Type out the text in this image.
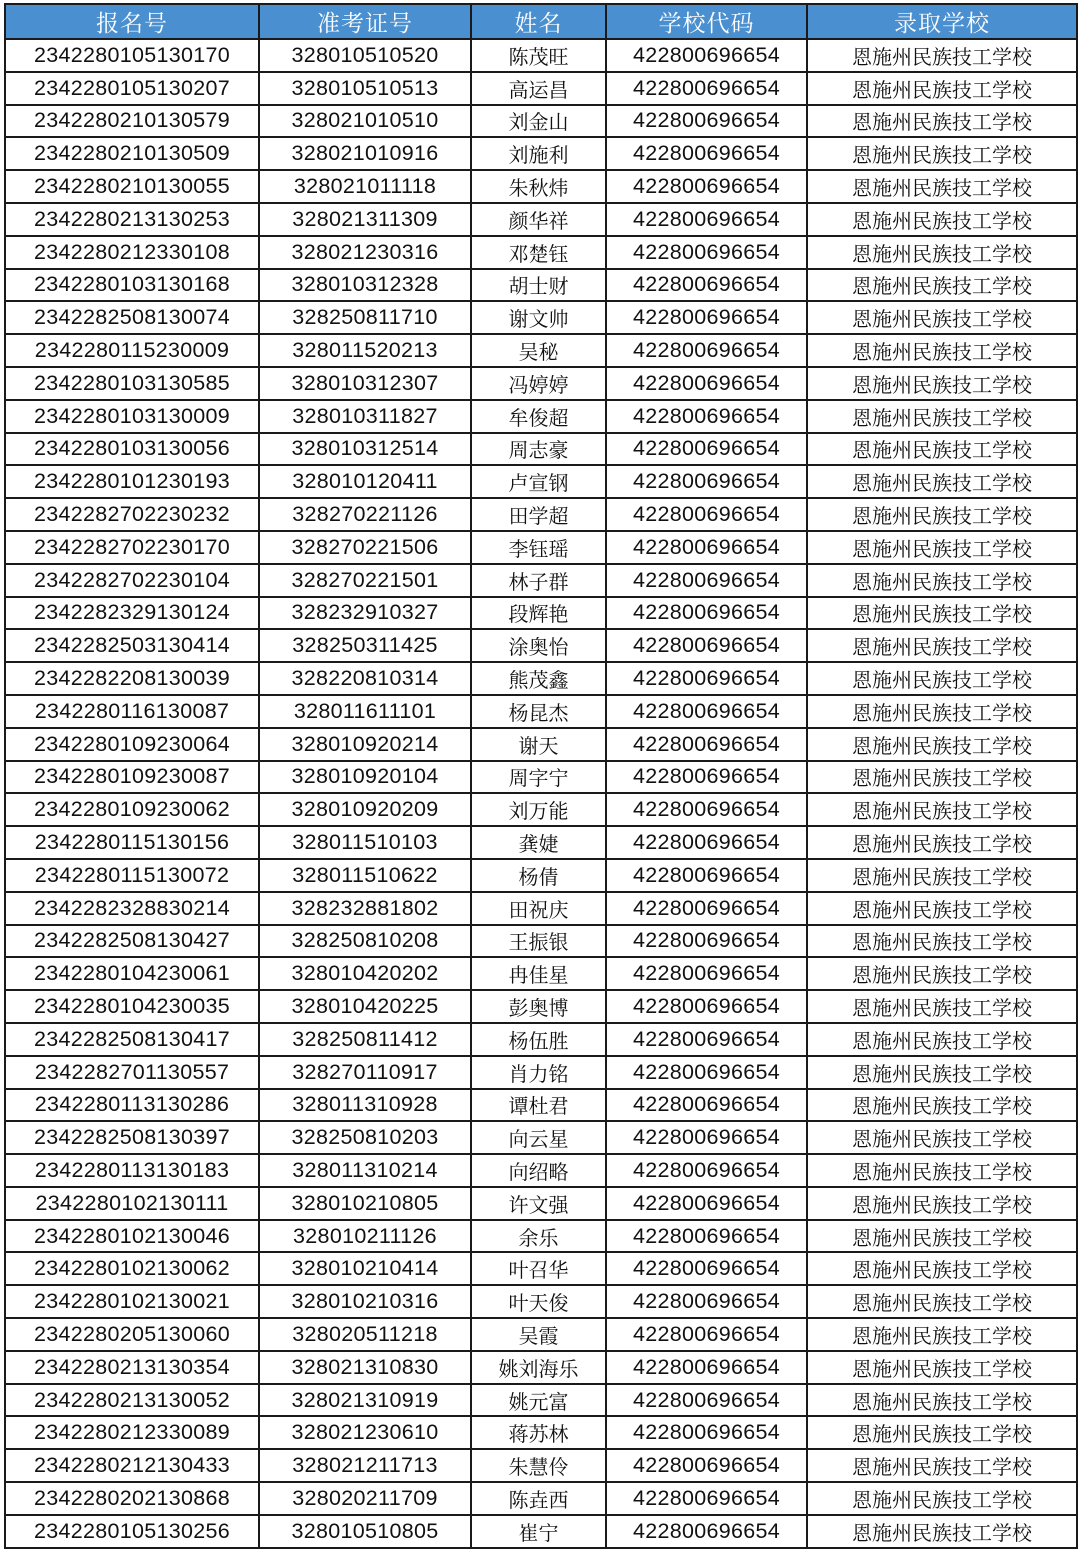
报名号	准考证号	姓名	学校代码	录取学校
2342280105130170	328010510520	陈茂旺	422800696654	恩施州民族技工学校
2342280105130207	328010510513	高运昌	422800696654	恩施州民族技工学校
2342280210130579	328021010510	刘金山	422800696654	恩施州民族技工学校
2342280210130509	328021010916	刘施利	422800696654	恩施州民族技工学校
2342280210130055	328021011118	朱秋炜	422800696654	恩施州民族技工学校
2342280213130253	328021311309	颜华祥	422800696654	恩施州民族技工学校
2342280212330108	328021230316	邓楚钰	422800696654	恩施州民族技工学校
2342280103130168	328010312328	胡士财	422800696654	恩施州民族技工学校
2342282508130074	328250811710	谢文帅	422800696654	恩施州民族技工学校
2342280115230009	328011520213	吴秘	422800696654	恩施州民族技工学校
2342280103130585	328010312307	冯婷婷	422800696654	恩施州民族技工学校
2342280103130009	328010311827	牟俊超	422800696654	恩施州民族技工学校
2342280103130056	328010312514	周志豪	422800696654	恩施州民族技工学校
2342280101230193	328010120411	卢宣钢	422800696654	恩施州民族技工学校
2342282702230232	328270221126	田学超	422800696654	恩施州民族技工学校
2342282702230170	328270221506	李钰瑶	422800696654	恩施州民族技工学校
2342282702230104	328270221501	林子群	422800696654	恩施州民族技工学校
2342282329130124	328232910327	段辉艳	422800696654	恩施州民族技工学校
2342282503130414	328250311425	涂奥怡	422800696654	恩施州民族技工学校
2342282208130039	328220810314	熊茂鑫	422800696654	恩施州民族技工学校
2342280116130087	328011611101	杨昆杰	422800696654	恩施州民族技工学校
2342280109230064	328010920214	谢天	422800696654	恩施州民族技工学校
2342280109230087	328010920104	周字宁	422800696654	恩施州民族技工学校
2342280109230062	328010920209	刘万能	422800696654	恩施州民族技工学校
2342280115130156	328011510103	龚婕	422800696654	恩施州民族技工学校
2342280115130072	328011510622	杨倩	422800696654	恩施州民族技工学校
2342282328830214	328232881802	田祝庆	422800696654	恩施州民族技工学校
2342282508130427	328250810208	王振银	422800696654	恩施州民族技工学校
2342280104230061	328010420202	冉佳星	422800696654	恩施州民族技工学校
2342280104230035	328010420225	彭奥博	422800696654	恩施州民族技工学校
2342282508130417	328250811412	杨伍胜	422800696654	恩施州民族技工学校
2342282701130557	328270110917	肖力铭	422800696654	恩施州民族技工学校
2342280113130286	328011310928	谭杜君	422800696654	恩施州民族技工学校
2342282508130397	328250810203	向云星	422800696654	恩施州民族技工学校
2342280113130183	328011310214	向绍略	422800696654	恩施州民族技工学校
2342280102130111	328010210805	许文强	422800696654	恩施州民族技工学校
2342280102130046	328010211126	余乐	422800696654	恩施州民族技工学校
2342280102130062	328010210414	叶召华	422800696654	恩施州民族技工学校
2342280102130021	328010210316	叶天俊	422800696654	恩施州民族技工学校
2342280205130060	328020511218	吴霞	422800696654	恩施州民族技工学校
2342280213130354	328021310830	姚刘海乐	422800696654	恩施州民族技工学校
2342280213130052	328021310919	姚元富	422800696654	恩施州民族技工学校
2342280212330089	328021230610	蒋苏林	422800696654	恩施州民族技工学校
2342280212130433	328021211713	朱慧伶	422800696654	恩施州民族技工学校
2342280202130868	328020211709	陈垚西	422800696654	恩施州民族技工学校
2342280105130256	328010510805	崔宁	422800696654	恩施州民族技工学校
